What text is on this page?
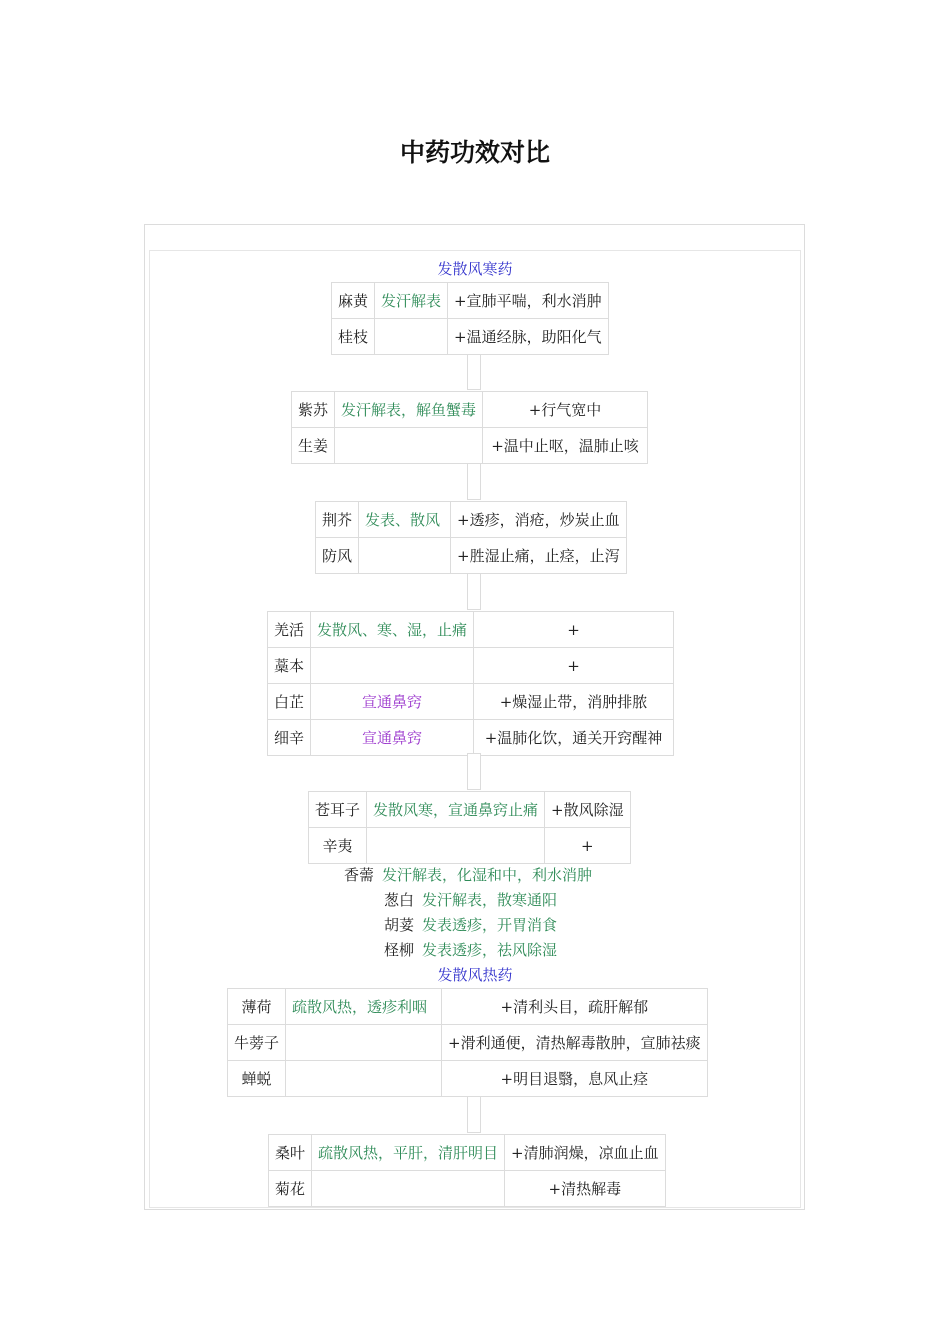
中药功效对比
发散风寒药
麻黄	发汗解表	+宣肺平喘，利水消肿
桂枝		+温通经脉，助阳化气
紫苏	发汗解表，解鱼蟹毒	+行气宽中
生姜		+温中止呕，温肺止咳
荆芥	发表、散风	+透疹，消疮，炒炭止血
防风		+胜湿止痛，止痉，止泻
羌活	发散风、寒、湿，止痛	+
藁本		+
白芷	宣通鼻窍	+燥湿止带，消肿排脓
细辛	宣通鼻窍	+温肺化饮，通关开窍醒神
苍耳子	发散风寒，宣通鼻窍止痛	+散风除湿
辛夷		+
香薷 发汗解表，化湿和中，利水消肿
葱白 发汗解表，散寒通阳
胡荽 发表透疹，开胃消食
柽柳 发表透疹，祛风除湿
发散风热药
薄荷	疏散风热，透疹利咽	+清利头目，疏肝解郁
牛蒡子		+滑利通便，清热解毒散肿，宣肺祛痰
蝉蜕		+明目退翳，息风止痉
桑叶	疏散风热，平肝，清肝明目	+清肺润燥，凉血止血
菊花		+清热解毒
